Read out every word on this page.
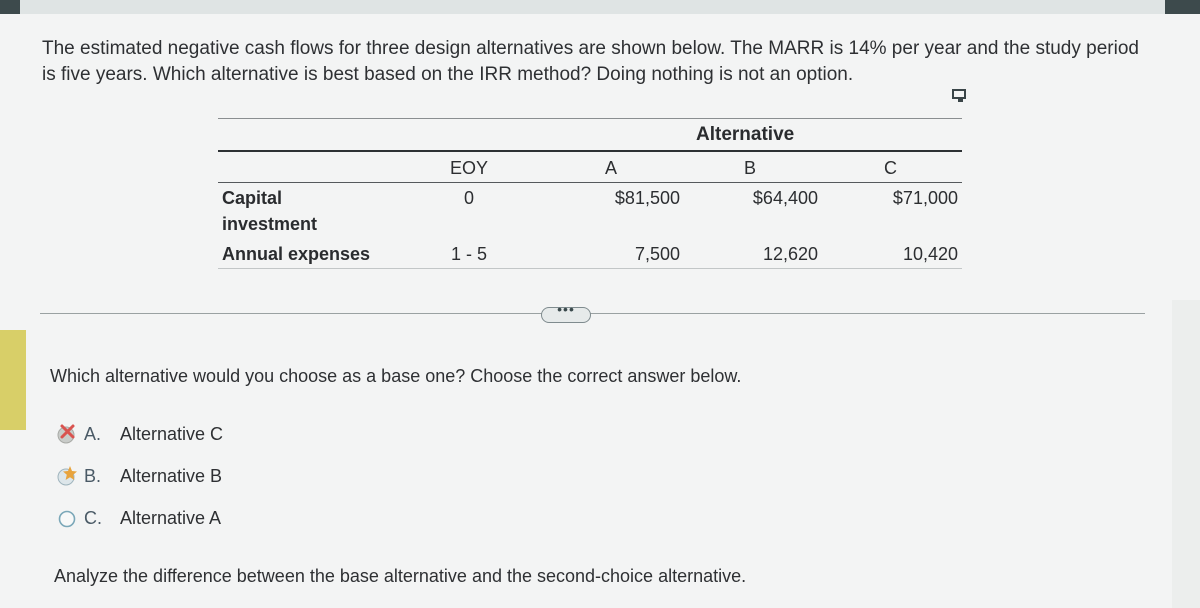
The estimated negative cash flows for three design alternatives are shown below. The MARR is 14% per year and the study period is five years. Which alternative is best based on the IRR method? Doing nothing is not an option.
Alternative
EOY	A	B	C
Capital
investment
0	$81,500	$64,400	$71,000
Annual expenses	1 - 5	7,500	12,620	10,420
•••
Which alternative would you choose as a base one? Choose the correct answer below.
A. Alternative C
B. Alternative B
C. Alternative A
Analyze the difference between the base alternative and the second-choice alternative.
